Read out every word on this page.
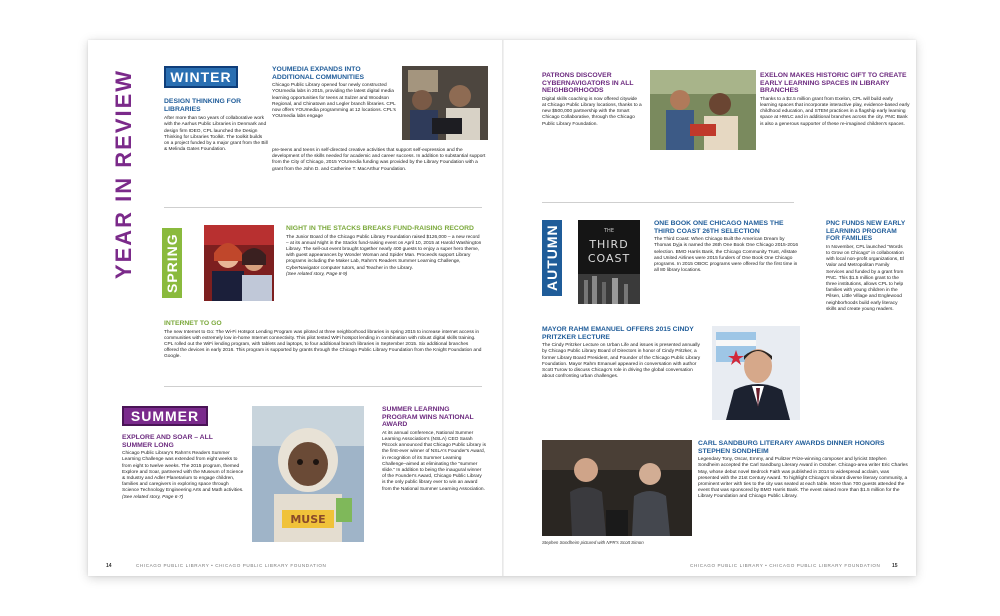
YEAR IN REVIEW	WINTER
DESIGN THINKING FOR LIBRARIES
After more than two years of collaborative work with the Aarhus Public Libraries in Denmark and design firm IDEO, CPL launched the Design Thinking for Libraries Toolkit. The toolkit builds on a project funded by a major grant from the Bill & Melinda Gates Foundation.
YOUMEDIA EXPANDS INTO ADDITIONAL COMMUNITIES
Chicago Public Library opened four newly constructed YOUmedia labs in 2015, providing the latest digital media learning opportunities for teens at Sulzer and Woodson Regional, and Chinatown and Legler branch libraries. CPL now offers YOUmedia programming at 12 locations. CPL's YOUmedia labs engage
pre-teens and teens in self-directed creative activities that support self-expression and the development of the skills needed for academic and career success. In addition to substantial support from the City of Chicago, 2015 YOUmedia funding was provided by the Library Foundation with a grant from the John D. and Catherine T. MacArthur Foundation.
SPRING
NIGHT IN THE STACKS BREAKS FUND-RAISING RECORD
The Junior Board of the Chicago Public Library Foundation raised $126,000 – a new record – at its annual Night in the Stacks fund-raising event on April 10, 2015 at Harold Washington Library. The sell-out event brought together nearly 400 guests to enjoy a super hero theme, with guest appearances by Wonder Woman and Spider Man. Proceeds support Library programs including the Maker Lab, Rahm's Readers Summer Learning Challenge, CyberNavigator computer tutors, and Teacher in the Library.
(See related story, Page 8-9)
INTERNET TO GO
The new Internet to Go: The Wi-Fi Hotspot Lending Program was piloted at three neighborhood libraries in spring 2015 to increase internet access in communities with extremely low in-home Internet connectivity. This pilot tested WiFi hotspot lending in combination with robust digital skills training. CPL rolled out the WiFi lending program, with tablets and laptops, to four additional branch libraries in September 2015. Six additional branches offered the devices in early 2016. This program is supported by grants through the Chicago Public Library Foundation from the Knight Foundation and Google.
SUMMER
EXPLORE AND SOAR – ALL SUMMER LONG
Chicago Public Library's Rahm's Readers Summer Learning Challenge was extended from eight weeks to from eight to twelve weeks. The 2015 program, themed Explore and Soar, partnered with the Museum of Science & Industry and Adler Planetarium to engage children, families and caregivers in exploring space through Science Technology Engineering Arts and Math activities.
(See related story, Page 6-7)
MUSE
SUMMER LEARNING PROGRAM WINS NATIONAL AWARD
At its annual conference, National Summer Learning Association's (NSLA) CEO Sarah Pitcock announced that Chicago Public Library is the first-ever winner of NSLA's Founder's Award, in recognition of its Summer Learning Challenge–aimed at eliminating the "summer slide." In addition to being the inaugural winner of the Founder's Award, Chicago Public Library is the only public library ever to win an award from the National Summer Learning Association.
14	CHICAGO PUBLIC LIBRARY • CHICAGO PUBLIC LIBRARY FOUNDATION
PATRONS DISCOVER CYBERNAVIGATORS IN ALL NEIGHBORHOODS
Digital skills coaching is now offered citywide at Chicago Public Library locations, thanks to a new $500,000 partnership with the Smart Chicago Collaborative, through the Chicago Public Library Foundation.
EXELON MAKES HISTORIC GIFT TO CREATE EARLY LEARNING SPACES IN LIBRARY BRANCHES
Thanks to a $2.5 million grant from Exelon, CPL will build early learning spaces that incorporate interactive play, evidence-based early childhood education, and STEM practices in a flagship early learning space at HWLC and in additional branches across the city. PNC Bank is also a generous supporter of these re-imagined children's spaces.
AUTUMN	THE
THIRD
COAST
ONE BOOK ONE CHICAGO NAMES THE THIRD COAST 26TH SELECTION
The Third Coast: When Chicago Built the American Dream by Thomas Dyja is named the 26th One Book One Chicago 2015-2016 selection. BMO Harris Bank, the Chicago Community Trust, Allstate and United Airlines were 2015 funders of One Book One Chicago programs. In 2015 OBOC programs were offered for the first time in all 80 library locations.
PNC FUNDS NEW EARLY LEARNING PROGRAM FOR FAMILIES
In November, CPL launched "Words to Grow on Chicago" in collaboration with local non-profit organizations, El Valor and Metropolitan Family Services and funded by a grant from PNC. This $1.5 million grant to the three institutions, allows CPL to help families with young children in the Pilsen, Little Village and Englewood neighborhoods build early literacy skills and create young readers.
MAYOR RAHM EMANUEL OFFERS 2015 CINDY PRITZKER LECTURE
The Cindy Pritzker Lecture on Urban Life and issues is presented annually by Chicago Public Library Board of Directors in honor of Cindy Pritzker, a former Library Board President, and Founder of the Chicago Public Library Foundation. Mayor Rahm Emanuel appeared in conversation with author Scott Turow to discuss Chicago's role in driving the global conversation about confronting urban challenges.
Stephen Sondheim pictured with NPR's Scott Simon
CARL SANDBURG LITERARY AWARDS DINNER HONORS STEPHEN SONDHEIM
Legendary Tony, Oscar, Emmy, and Pulitzer Prize-winning composer and lyricist Stephen Sondheim accepted the Carl Sandburg Literary Award in October. Chicago-area writer Eric Charles May, whose debut novel Bedrock Faith was published in 2014 to widespread acclaim, was presented with the 21st Century Award. To highlight Chicago's vibrant diverse literary community, a prominent writer with ties to the city was seated at each table. More than 700 guests attended the event that was sponsored by BMO Harris Bank. The event raised more than $1.5 million for the Library Foundation and Chicago Public Library.
CHICAGO PUBLIC LIBRARY • CHICAGO PUBLIC LIBRARY FOUNDATION 15
